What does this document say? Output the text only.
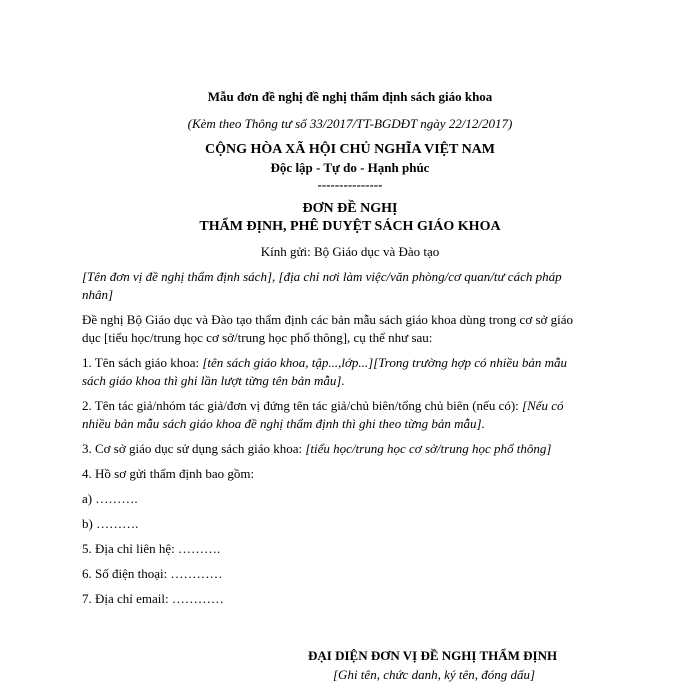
Mẫu đơn đề nghị đề nghị thẩm định sách giáo khoa
(Kèm theo Thông tư số 33/2017/TT-BGDĐT ngày 22/12/2017)
CỘNG HÒA XÃ HỘI CHỦ NGHĨA VIỆT NAM
Độc lập - Tự do - Hạnh phúc
---------------
ĐƠN ĐỀ NGHỊ
THẨM ĐỊNH, PHÊ DUYỆT SÁCH GIÁO KHOA
Kính gửi: Bộ Giáo dục và Đào tạo
[Tên đơn vị đề nghị thẩm định sách], [địa chỉ nơi làm việc/văn phòng/cơ quan/tư cách pháp
nhân]
Đề nghị Bộ Giáo dục và Đào tạo thẩm định các bản mẫu sách giáo khoa dùng trong cơ sở giáo
dục [tiểu học/trung học cơ sở/trung học phổ thông], cụ thể như sau:
1. Tên sách giáo khoa: [tên sách giáo khoa, tập...,lớp...][Trong trường hợp có nhiều bản mẫu
sách giáo khoa thì ghi lần lượt từng tên bản mẫu].
2. Tên tác giả/nhóm tác giả/đơn vị đứng tên tác giả/chủ biên/tổng chủ biên (nếu có): [Nếu có
nhiều bản mẫu sách giáo khoa đề nghị thẩm định thì ghi theo từng bản mẫu].
3. Cơ sở giáo dục sử dụng sách giáo khoa: [tiểu học/trung học cơ sở/trung học phổ thông]
4. Hồ sơ gửi thẩm định bao gồm:
a) ……….
b) ……….
5. Địa chỉ liên hệ: ……….
6. Số điện thoại: …………
7. Địa chỉ email: …………
ĐẠI DIỆN ĐƠN VỊ ĐỀ NGHỊ THẨM ĐỊNH
[Ghi tên, chức danh, ký tên, đóng dấu]
